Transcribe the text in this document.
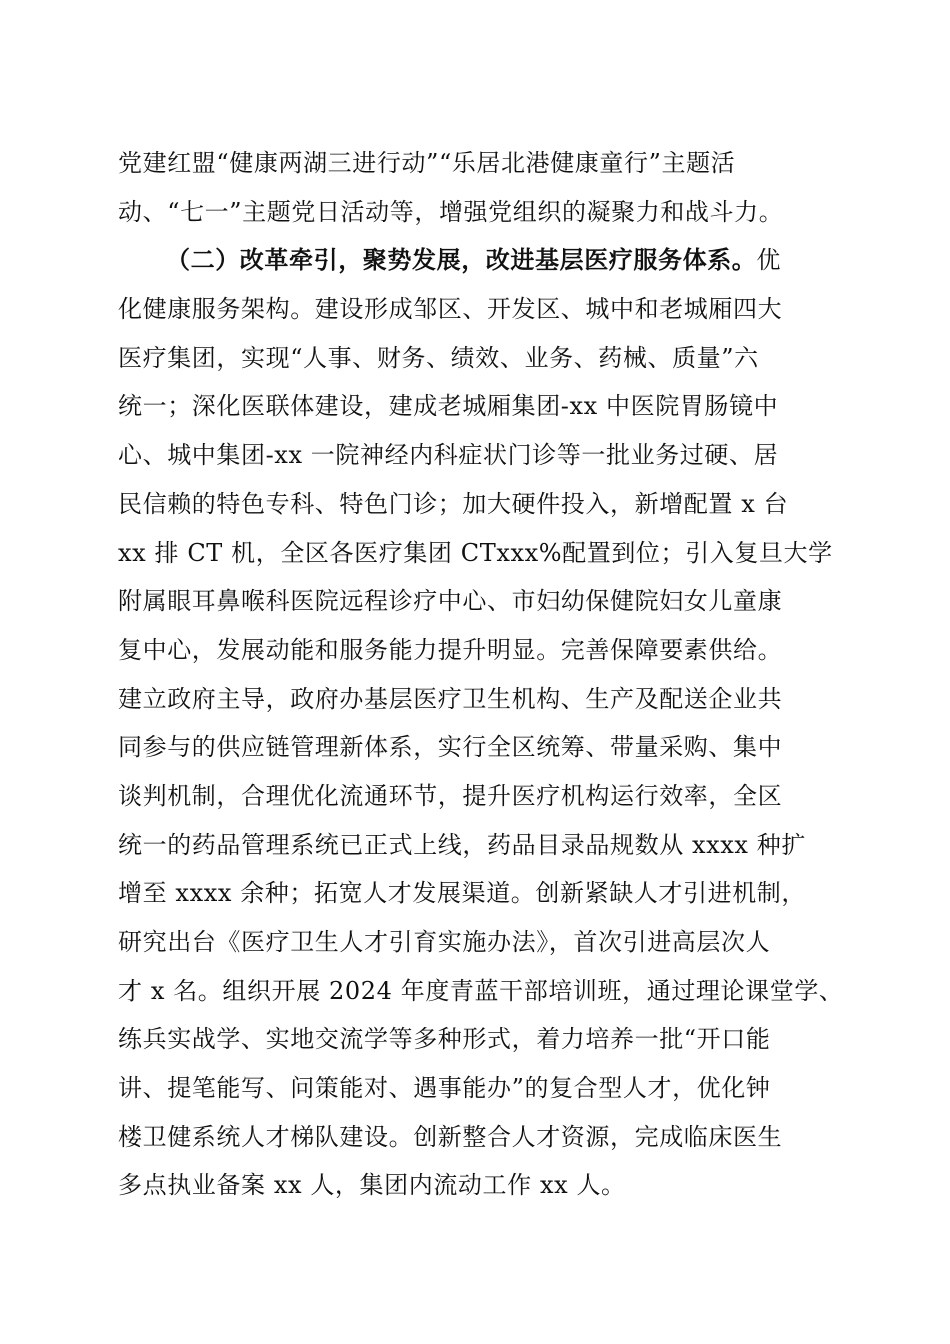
党建红盟“健康两湖三进行动”“乐居北港健康童行”主题活
动、“七一”主题党日活动等，增强党组织的凝聚力和战斗力。
（二）改革牵引，聚势发展，改进基层医疗服务体系。优
化健康服务架构。建设形成邹区、开发区、城中和老城厢四大
医疗集团，实现“人事、财务、绩效、业务、药械、质量”六
统一；深化医联体建设，建成老城厢集团-xx 中医院胃肠镜中
心、城中集团-xx 一院神经内科症状门诊等一批业务过硬、居
民信赖的特色专科、特色门诊；加大硬件投入，新增配置 x 台
xx 排 CT 机，全区各医疗集团 CTxxx%配置到位；引入复旦大学
附属眼耳鼻喉科医院远程诊疗中心、市妇幼保健院妇女儿童康
复中心，发展动能和服务能力提升明显。完善保障要素供给。
建立政府主导，政府办基层医疗卫生机构、生产及配送企业共
同参与的供应链管理新体系，实行全区统筹、带量采购、集中
谈判机制，合理优化流通环节，提升医疗机构运行效率，全区
统一的药品管理系统已正式上线，药品目录品规数从 xxxx 种扩
增至 xxxx 余种；拓宽人才发展渠道。创新紧缺人才引进机制，
研究出台《医疗卫生人才引育实施办法》，首次引进高层次人
才 x 名。组织开展 2024 年度青蓝干部培训班，通过理论课堂学、
练兵实战学、实地交流学等多种形式，着力培养一批“开口能
讲、提笔能写、问策能对、遇事能办”的复合型人才，优化钟
楼卫健系统人才梯队建设。创新整合人才资源，完成临床医生
多点执业备案 xx 人，集团内流动工作 xx 人。
